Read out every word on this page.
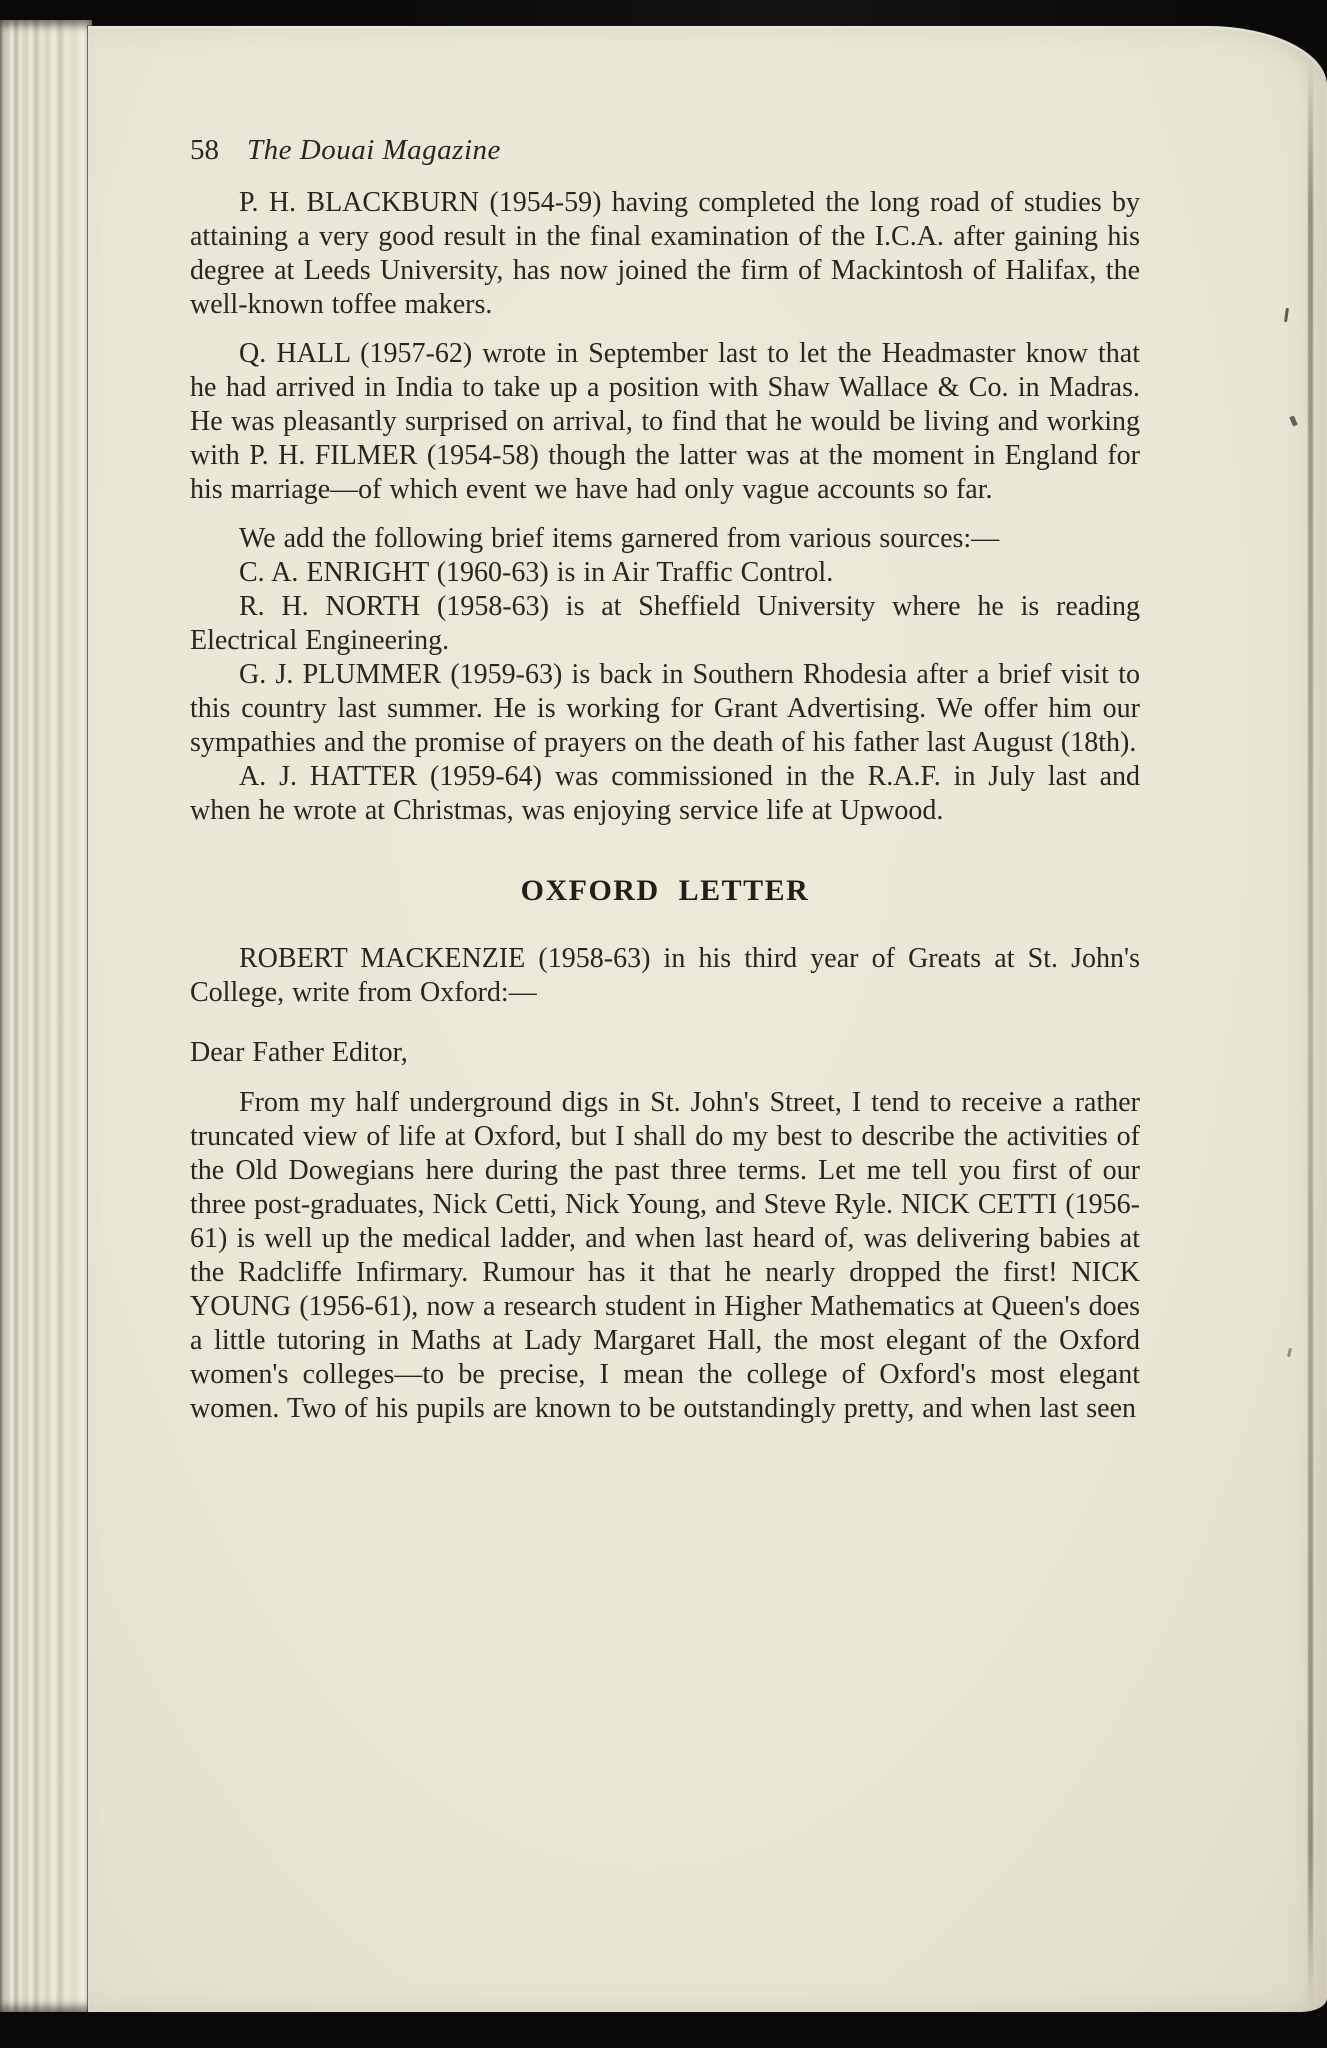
58 The Douai Magazine

P. H. BLACKBURN (1954-59) having completed the long road of studies by attaining a very good result in the final examination of the I.C.A. after gaining his degree at Leeds University, has now joined the firm of Mackintosh of Halifax, the well-known toffee makers.

Q. HALL (1957-62) wrote in September last to let the Headmaster know that he had arrived in India to take up a position with Shaw Wallace & Co. in Madras. He was pleasantly surprised on arrival, to find that he would be living and working with P. H. FILMER (1954-58) though the latter was at the moment in England for his marriage—of which event we have had only vague accounts so far.

We add the following brief items garnered from various sources:—

C. A. ENRIGHT (1960-63) is in Air Traffic Control.

R. H. NORTH (1958-63) is at Sheffield University where he is reading Electrical Engineering.

G. J. PLUMMER (1959-63) is back in Southern Rhodesia after a brief visit to this country last summer. He is working for Grant Advertising. We offer him our sympathies and the promise of prayers on the death of his father last August (18th).

A. J. HATTER (1959-64) was commissioned in the R.A.F. in July last and when he wrote at Christmas, was enjoying service life at Upwood.

OXFORD LETTER

ROBERT MACKENZIE (1958-63) in his third year of Greats at St. John's College, write from Oxford:—

Dear Father Editor,

From my half underground digs in St. John's Street, I tend to receive a rather truncated view of life at Oxford, but I shall do my best to describe the activities of the Old Dowegians here during the past three terms. Let me tell you first of our three post-graduates, Nick Cetti, Nick Young, and Steve Ryle. NICK CETTI (1956-61) is well up the medical ladder, and when last heard of, was delivering babies at the Radcliffe Infirmary. Rumour has it that he nearly dropped the first! NICK YOUNG (1956-61), now a research student in Higher Mathematics at Queen's does a little tutoring in Maths at Lady Margaret Hall, the most elegant of the Oxford women's colleges—to be precise, I mean the college of Oxford's most elegant women. Two of his pupils are known to be outstandingly pretty, and when last seen
